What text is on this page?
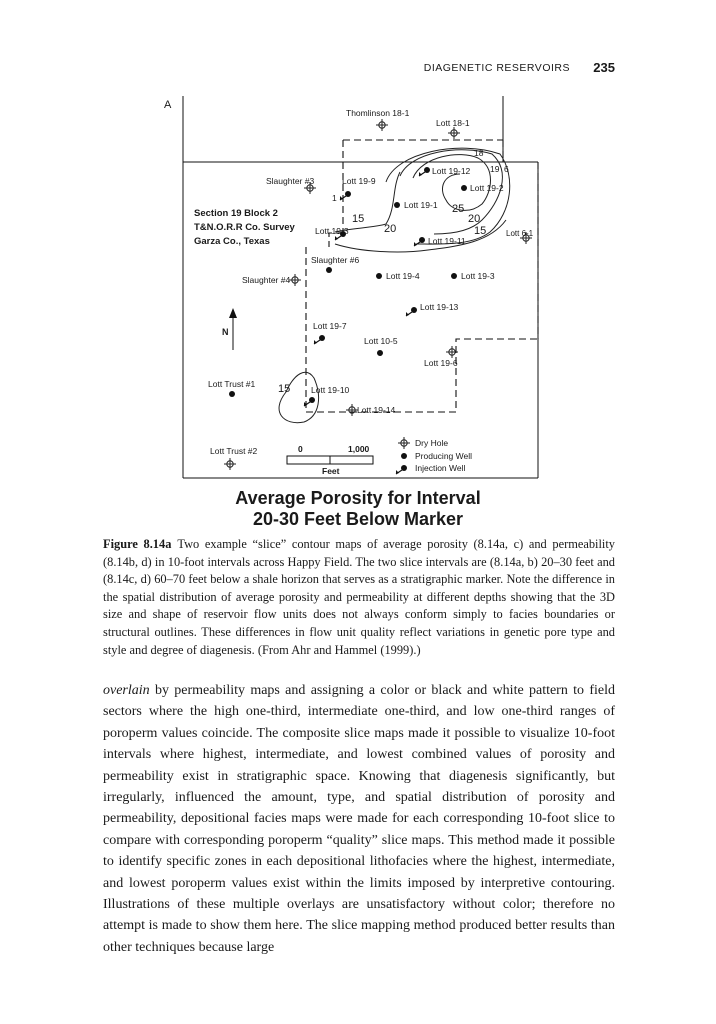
DIAGENETIC RESERVOIRS 235
A
18
19 6
1
25
20
15
15
20
15
Section 19 Block 2
T&N.O.R.R Co. Survey
Garza Co., Texas
N
Thomlinson 18-1
Lott 18-1
Lott 19-12
Slaughter #3	Lott 19-9
Lott 19-2
Lott 19-1
Lott 19-3	Lott 6-1
Lott 19-11
Slaughter #6
Slaughter #4	Lott 19-4	Lott 19-3
Lott 19-13
Lott 19-7
Lott 10-5
Lott 19-6
Lott Trust #1
Lott 19-10
Lott 19-14
Lott Trust #2	0	1,000
Feet
Dry Hole
Producing Well
Injection Well
Average Porosity for Interval
20-30 Feet Below Marker
Figure 8.14a Two example “slice” contour maps of average porosity (8.14a, c) and permeability (8.14b, d) in 10-foot intervals across Happy Field. The two slice intervals are (8.14a, b) 20–30 feet and (8.14c, d) 60–70 feet below a shale horizon that serves as a stratigraphic marker. Note the difference in the spatial distribution of average porosity and permeability at different depths showing that the 3D size and shape of reservoir flow units does not always conform simply to facies boundaries or structural outlines. These differences in flow unit quality reflect variations in genetic pore type and style and degree of diagenesis. (From Ahr and Hammel (1999).)
overlain by permeability maps and assigning a color or black and white pattern to field sectors where the high one-third, intermediate one-third, and low one-third ranges of poroperm values coincide. The composite slice maps made it possible to visualize 10-foot intervals where highest, intermediate, and lowest combined values of porosity and permeability exist in stratigraphic space. Knowing that diagenesis significantly, but irregularly, influenced the amount, type, and spatial distribution of porosity and permeability, depositional facies maps were made for each corresponding 10-foot slice to compare with corresponding poroperm “quality” slice maps. This method made it possible to identify specific zones in each depositional lithofacies where the highest, intermediate, and lowest poroperm values exist within the limits imposed by interpretive contouring. Illustrations of these multiple overlays are unsatisfactory without color; therefore no attempt is made to show them here. The slice mapping method produced better results than other techniques because large
